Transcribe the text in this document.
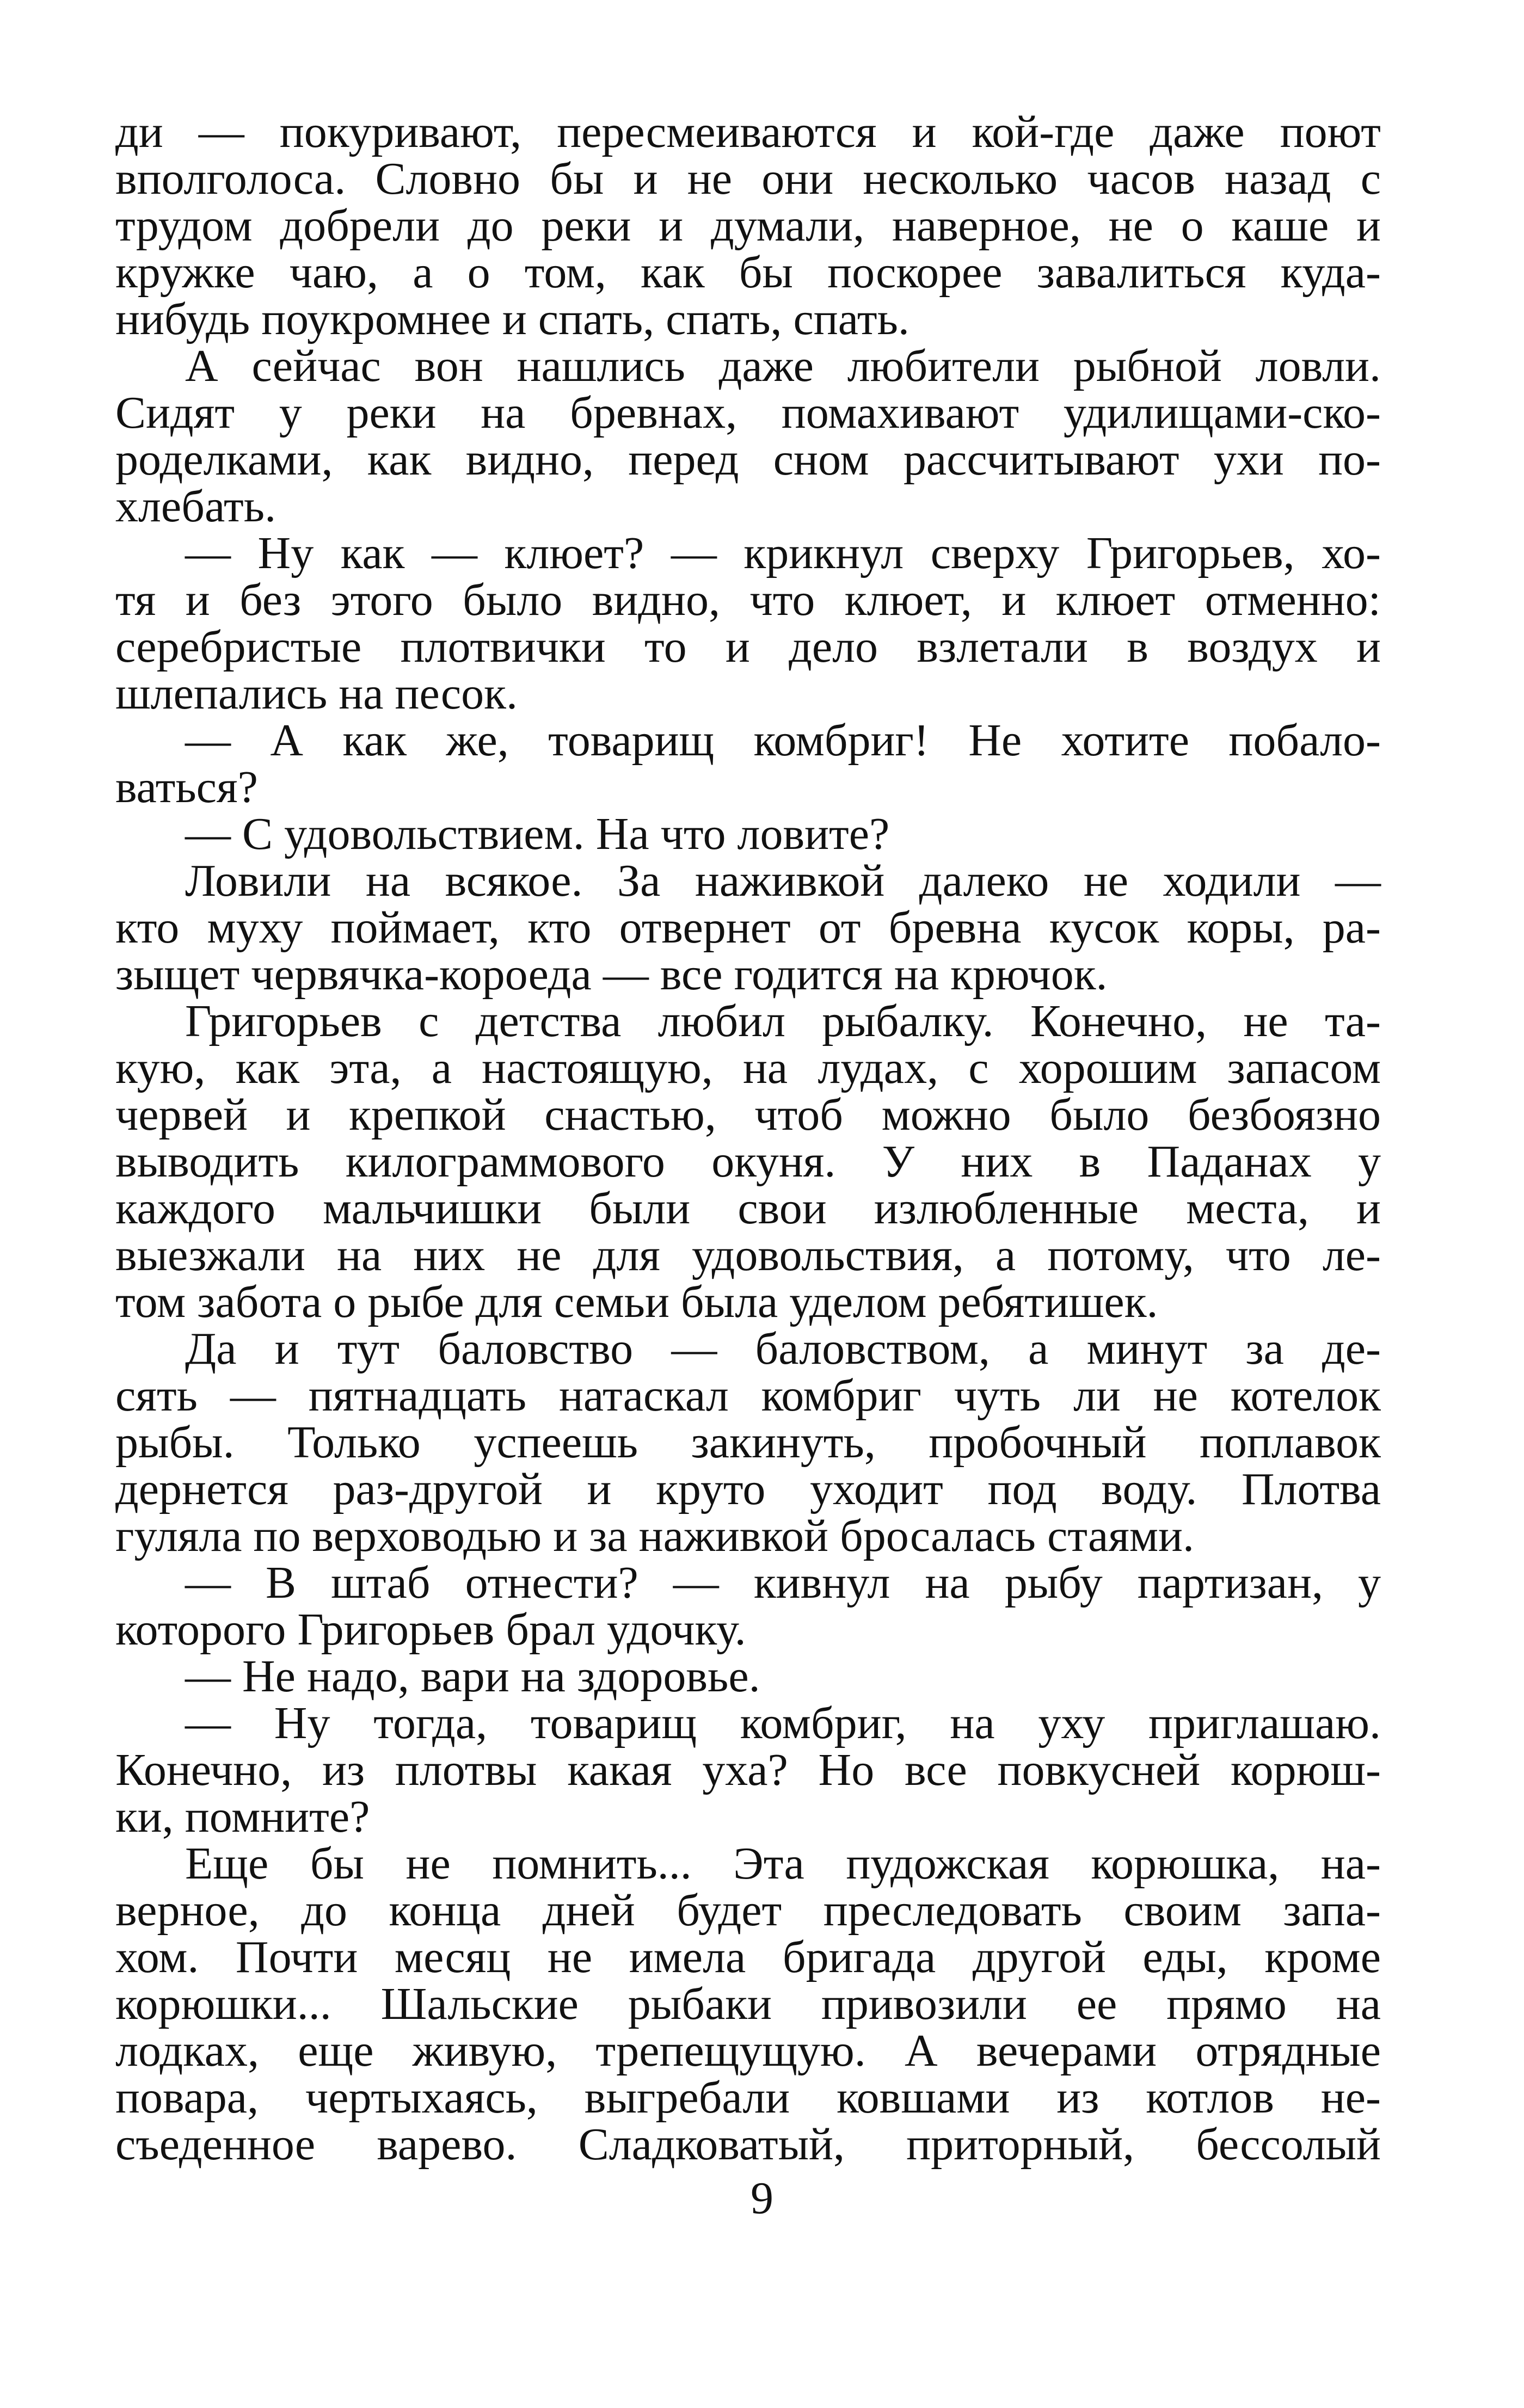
ди — покуривают, пересмеиваются и кой-где даже поют
вполголоса. Словно бы и не они несколько часов назад с
трудом добрели до реки и думали, наверное, не о каше и
кружке чаю, а о том, как бы поскорее завалиться куда-
нибудь поукромнее и спать, спать, спать.
А сейчас вон нашлись даже любители рыбной ловли.
Сидят у реки на бревнах, помахивают удилищами-ско-
роделками, как видно, перед сном рассчитывают ухи по-
хлебать.
— Ну как — клюет? — крикнул сверху Григорьев, хо-
тя и без этого было видно, что клюет, и клюет отменно:
серебристые плотвички то и дело взлетали в воздух и
шлепались на песок.
— А как же, товарищ комбриг! Не хотите побало-
ваться?
— С удовольствием. На что ловите?
Ловили на всякое. За наживкой далеко не ходили —
кто муху поймает, кто отвернет от бревна кусок коры, ра-
зыщет червячка-короеда — все годится на крючок.
Григорьев с детства любил рыбалку. Конечно, не та-
кую, как эта, а настоящую, на лудах, с хорошим запасом
червей и крепкой снастью, чтоб можно было безбоязно
выводить килограммового окуня. У них в Паданах у
каждого мальчишки были свои излюбленные места, и
выезжали на них не для удовольствия, а потому, что ле-
том забота о рыбе для семьи была уделом ребятишек.
Да и тут баловство — баловством, а минут за де-
сять — пятнадцать натаскал комбриг чуть ли не котелок
рыбы. Только успеешь закинуть, пробочный поплавок
дернется раз-другой и круто уходит под воду. Плотва
гуляла по верховодью и за наживкой бросалась стаями.
— В штаб отнести? — кивнул на рыбу партизан, у
которого Григорьев брал удочку.
— Не надо, вари на здоровье.
— Ну тогда, товарищ комбриг, на уху приглашаю.
Конечно, из плотвы какая уха? Но все повкусней корюш-
ки, помните?
Еще бы не помнить... Эта пудожская корюшка, на-
верное, до конца дней будет преследовать своим запа-
хом. Почти месяц не имела бригада другой еды, кроме
корюшки... Шальские рыбаки привозили ее прямо на
лодках, еще живую, трепещущую. А вечерами отрядные
повара, чертыхаясь, выгребали ковшами из котлов не-
съеденное варево. Сладковатый, приторный, бессолый
9
